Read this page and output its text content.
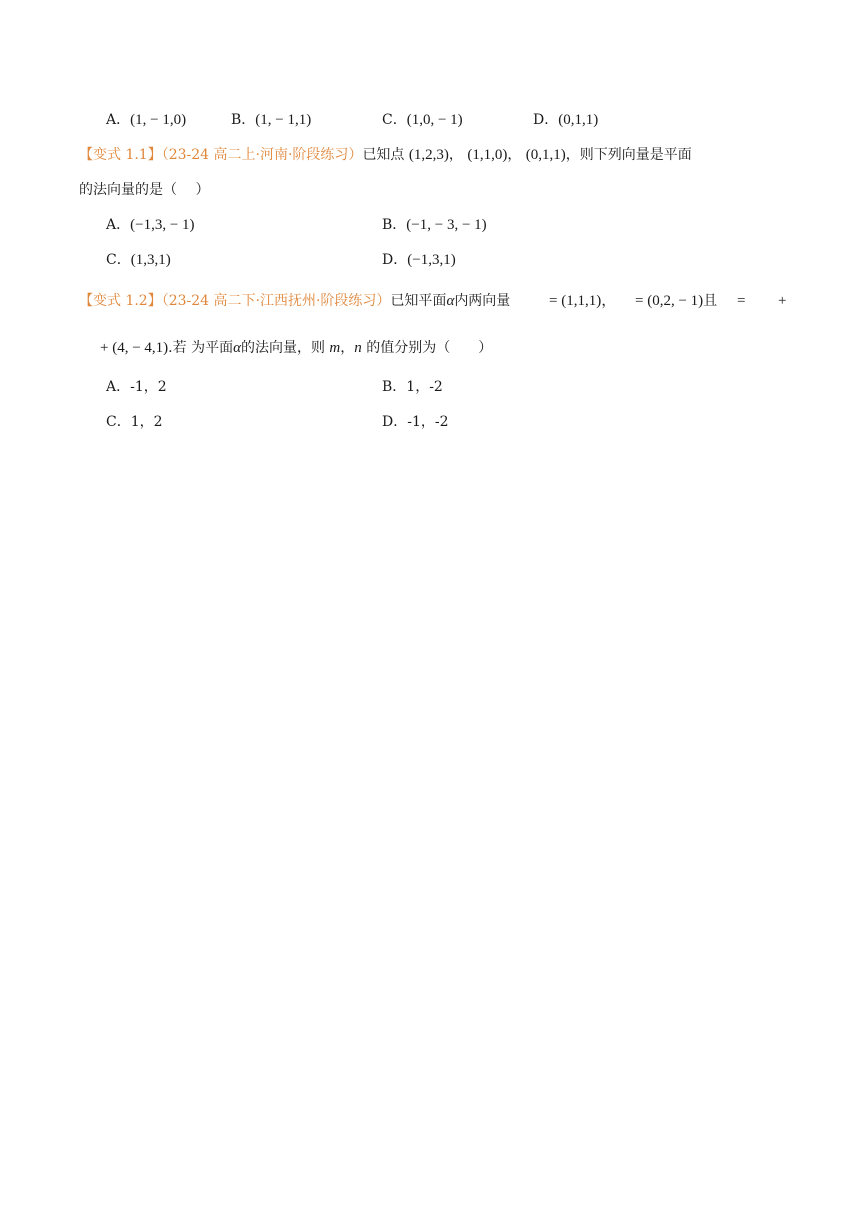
A．(1, − 1,0)	B．(1, − 1,1)	C．(1,0, − 1)	D．(0,1,1)
【变式 1.1】（23-24 高二上·河南·阶段练习）已知点 (1,2,3)， (1,1,0)， (0,1,1)，则下列向量是平面
的法向量的是（　 ）
A．(−1,3, − 1)	B．(−1, − 3, − 1)
C．(1,3,1)	D．(−1,3,1)
【变式 1.2】（23-24 高二下·江西抚州·阶段练习）已知平面α内两向量	= (1,1,1)， = (0,2, − 1)且 = +
+ (4, − 4,1).若 为平面α的法向量，则 m，n 的值分别为（　　）
A．-1，2	B．1，-2
C．1，2	D．-1，-2
